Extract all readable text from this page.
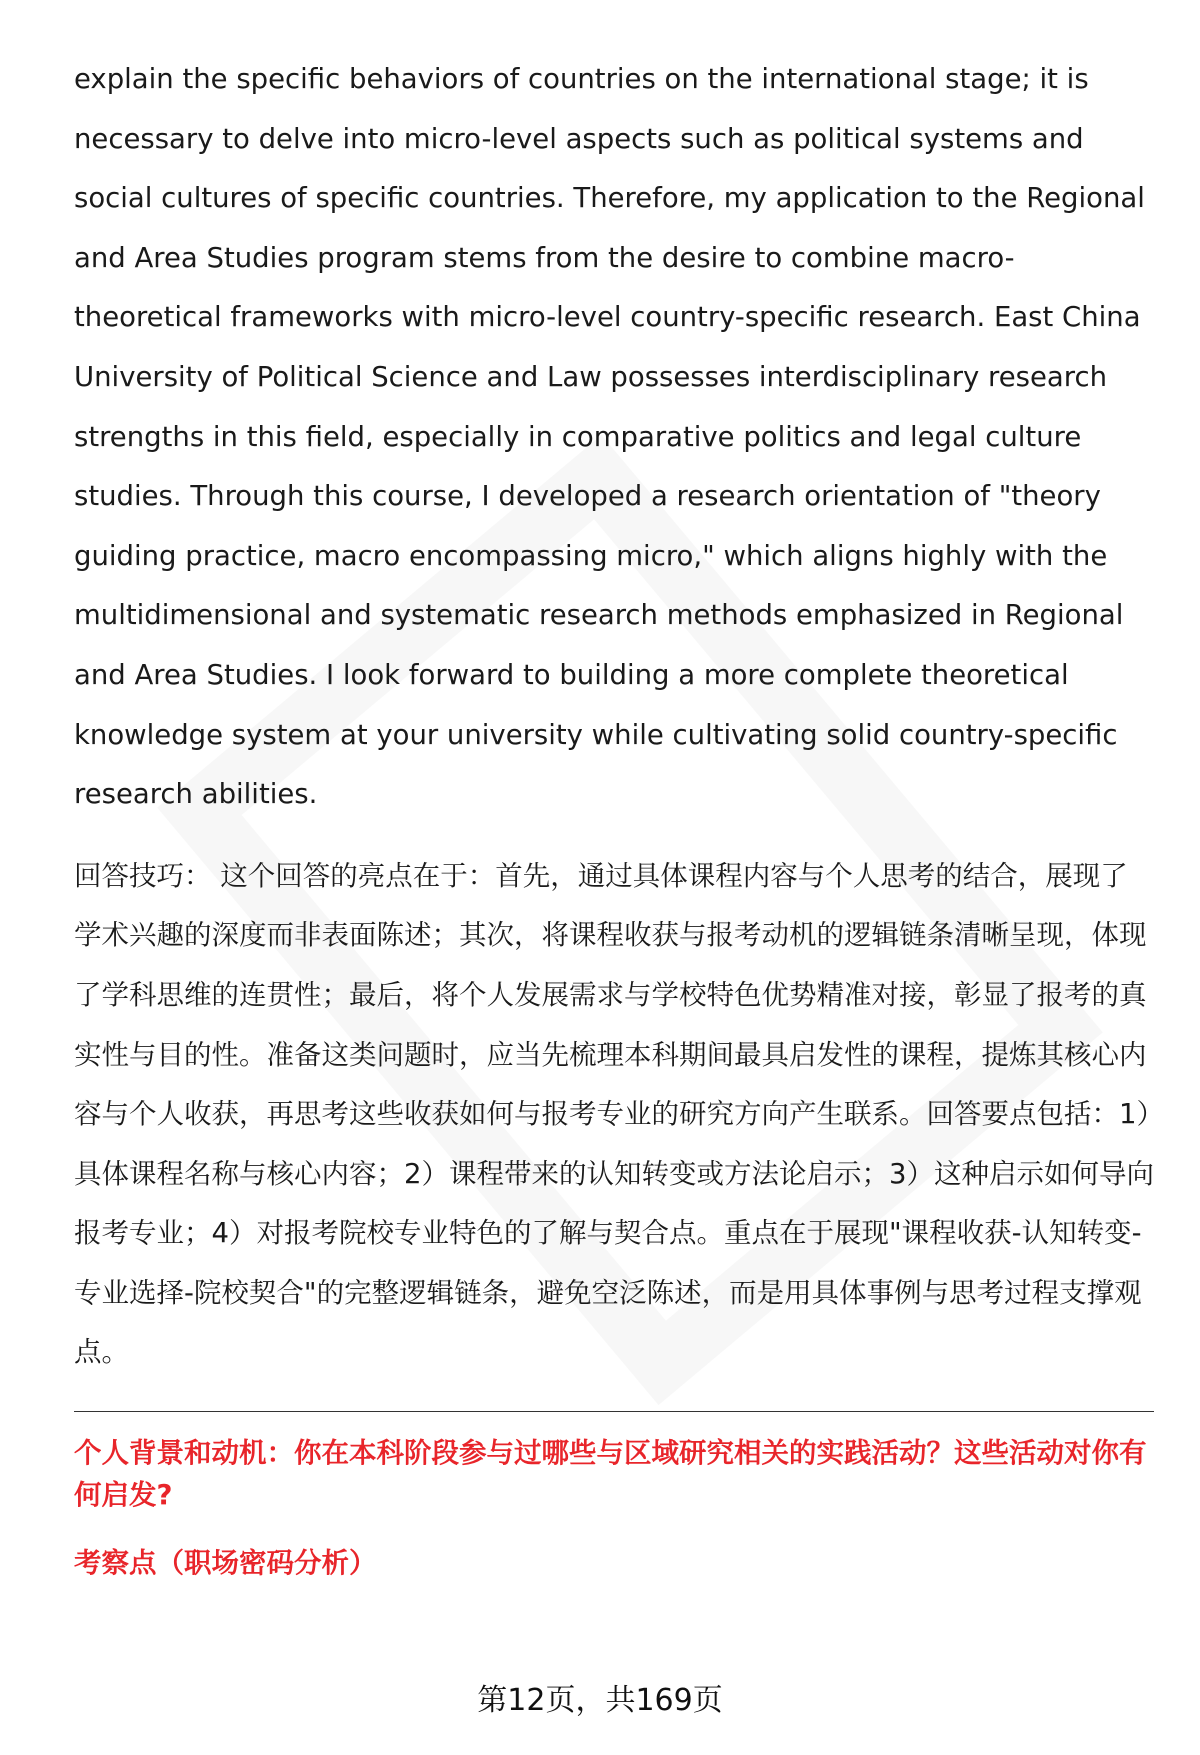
explain the specific behaviors of countries on the international stage; it is necessary to delve into micro-level aspects such as political systems and social cultures of specific countries. Therefore, my application to the Regional and Area Studies program stems from the desire to combine macro-theoretical frameworks with micro-level country-specific research. East China University of Political Science and Law possesses interdisciplinary research strengths in this field, especially in comparative politics and legal culture studies. Through this course, I developed a research orientation of "theory guiding practice, macro encompassing micro," which aligns highly with the multidimensional and systematic research methods emphasized in Regional and Area Studies. I look forward to building a more complete theoretical knowledge system at your university while cultivating solid country-specific research abilities.

回答技巧： 这个回答的亮点在于：首先，通过具体课程内容与个人思考的结合，展现了学术兴趣的深度而非表面陈述；其次，将课程收获与报考动机的逻辑链条清晰呈现，体现了学科思维的连贯性；最后，将个人发展需求与学校特色优势精准对接，彰显了报考的真实性与目的性。准备这类问题时，应当先梳理本科期间最具启发性的课程，提炼其核心内容与个人收获，再思考这些收获如何与报考专业的研究方向产生联系。回答要点包括：1）具体课程名称与核心内容；2）课程带来的认知转变或方法论启示；3）这种启示如何导向报考专业；4）对报考院校专业特色的了解与契合点。重点在于展现"课程收获-认知转变-专业选择-院校契合"的完整逻辑链条，避免空泛陈述，而是用具体事例与思考过程支撑观点。

个人背景和动机：你在本科阶段参与过哪些与区域研究相关的实践活动？这些活动对你有何启发?

考察点（职场密码分析）

第12页，共169页
